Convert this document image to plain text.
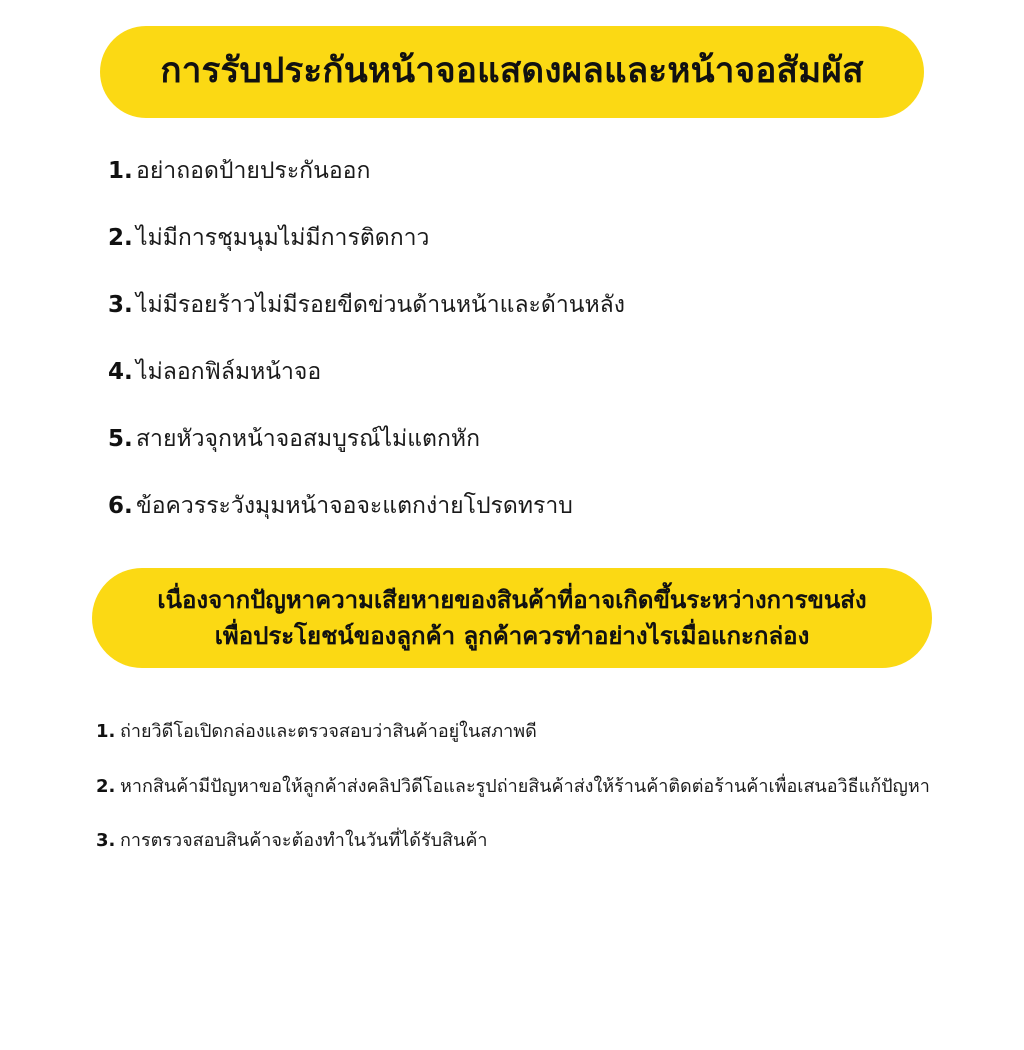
การรับประกันหน้าจอแสดงผลและหน้าจอสัมผัส
1. อย่าถอดป้ายประกันออก
2. ไม่มีการชุมนุมไม่มีการติดกาว
3. ไม่มีรอยร้าวไม่มีรอยขีดข่วนด้านหน้าและด้านหลัง
4. ไม่ลอกฟิล์มหน้าจอ
5. สายหัวจุกหน้าจอสมบูรณ์ไม่แตกหัก
6. ข้อควรระวังมุมหน้าจอจะแตกง่ายโปรดทราบ
เนื่องจากปัญหาความเสียหายของสินค้าที่อาจเกิดขึ้นระหว่างการขนส่ง
เพื่อประโยชน์ของลูกค้า ลูกค้าควรทำอย่างไรเมื่อแกะกล่อง
1. ถ่ายวิดีโอเปิดกล่องและตรวจสอบว่าสินค้าอยู่ในสภาพดี
2. หากสินค้ามีปัญหาขอให้ลูกค้าส่งคลิปวิดีโอและรูปถ่ายสินค้าส่งให้ร้านค้าติดต่อร้านค้าเพื่อเสนอวิธีแก้ปัญหา
3. การตรวจสอบสินค้าจะต้องทำในวันที่ได้รับสินค้า
